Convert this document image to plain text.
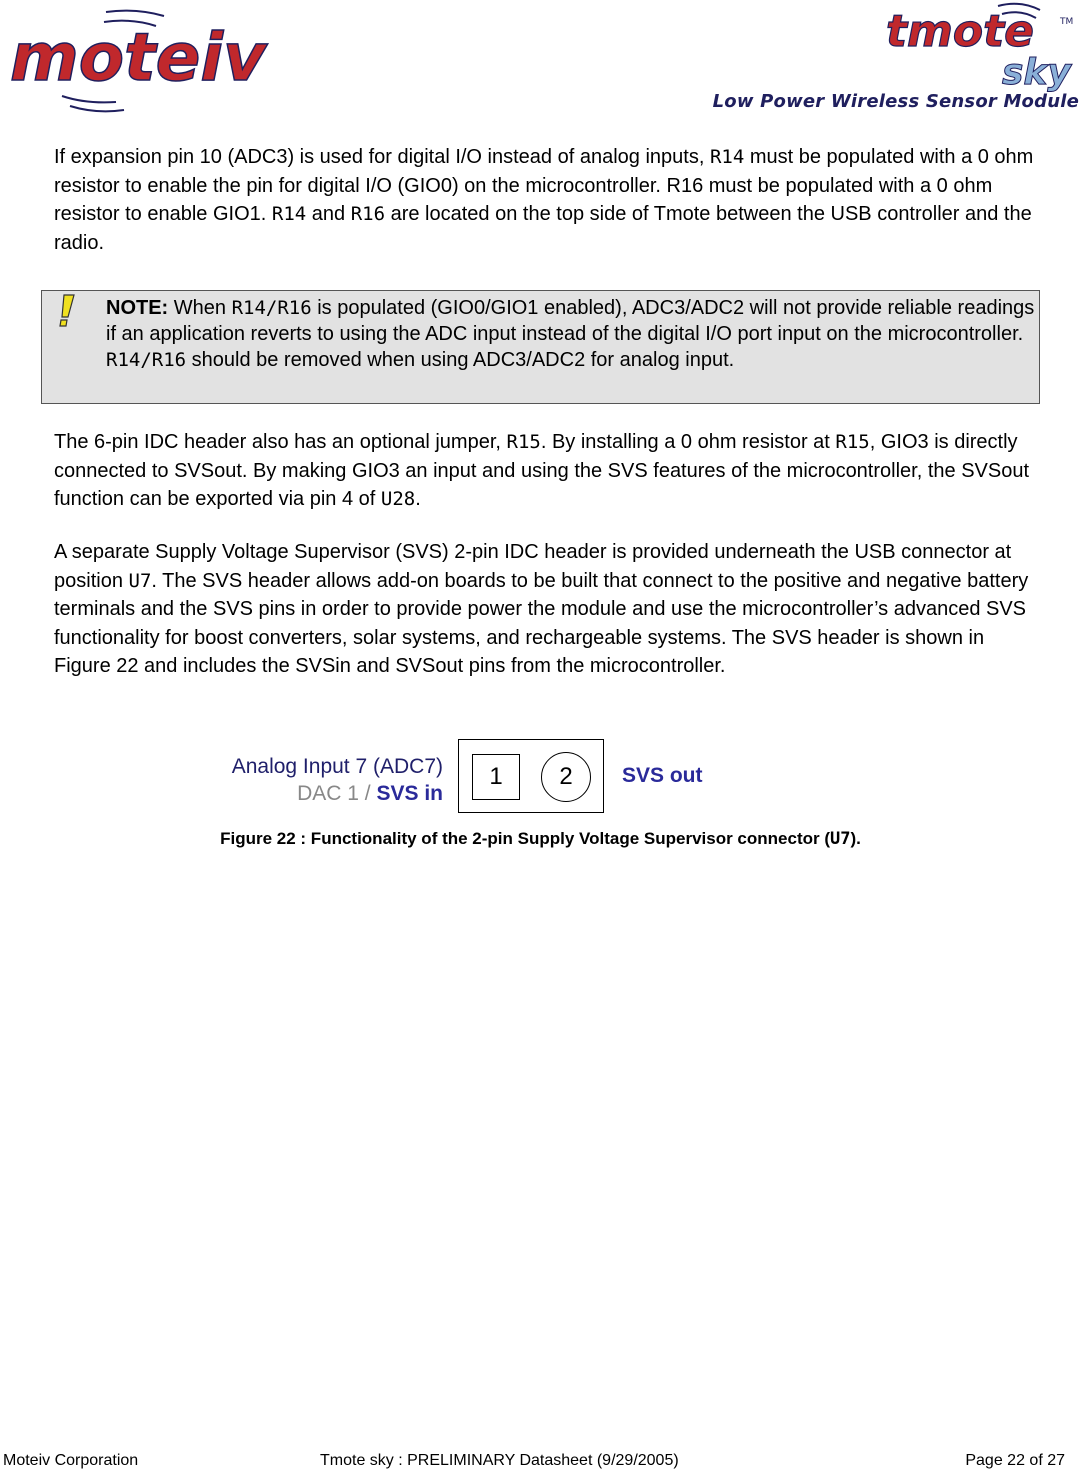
moteiv	tmote	TM
sky
Low Power Wireless Sensor Module

If expansion pin 10 (ADC3) is used for digital I/O instead of analog inputs, R14 must be populated with a 0 ohm resistor to enable the pin for digital I/O (GIO0) on the microcontroller. R16 must be populated with a 0 ohm resistor to enable GIO1. R14 and R16 are located on the top side of Tmote between the USB controller and the radio.

NOTE: When R14/R16 is populated (GIO0/GIO1 enabled), ADC3/ADC2 will not provide reliable readings if an application reverts to using the ADC input instead of the digital I/O port input on the microcontroller. R14/R16 should be removed when using ADC3/ADC2 for analog input.

The 6-pin IDC header also has an optional jumper, R15. By installing a 0 ohm resistor at R15, GIO3 is directly connected to SVSout. By making GIO3 an input and using the SVS features of the microcontroller, the SVSout function can be exported via pin 4 of U28.

A separate Supply Voltage Supervisor (SVS) 2-pin IDC header is provided underneath the USB connector at position U7. The SVS header allows add-on boards to be built that connect to the positive and negative battery terminals and the SVS pins in order to provide power the module and use the microcontroller’s advanced SVS functionality for boost converters, solar systems, and rechargeable systems. The SVS header is shown in Figure 22 and includes the SVSin and SVSout pins from the microcontroller.

Analog Input 7 (ADC7)
DAC 1 / SVS in
1	2	SVS out
Figure 22 : Functionality of the 2-pin Supply Voltage Supervisor connector (U7).
Moteiv Corporation	Tmote sky : PRELIMINARY Datasheet (9/29/2005)	Page 22 of 27
